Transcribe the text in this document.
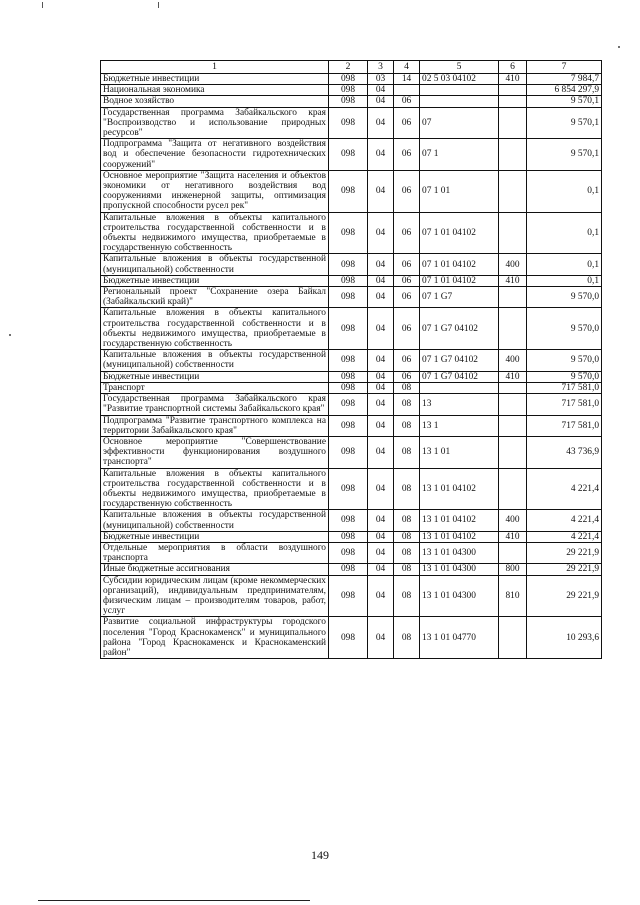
1	2	3	4	5	6	7
Бюджетные инвестиции	098	03	14	02 5 03 04102	410	7 984,7
Национальная экономика	098	04				6 854 297,9
Водное хозяйство	098	04	06			9 570,1
Государственная программа Забайкальского края "Воспроизводство и использование природных ресурсов"	098	04	06	07		9 570,1
Подпрограмма "Защита от негативного воздействия вод и обеспечение безопасности гидротехнических сооружений"	098	04	06	07 1		9 570,1
Основное мероприятие "Защита населения и объектов экономики от негативного воздействия вод сооружениями инженерной защиты, оптимизация пропускной способности русел рек"	098	04	06	07 1 01		0,1
Капитальные вложения в объекты капитального строительства государственной собственности и в объекты недвижимого имущества, приобретаемые в государственную собственность	098	04	06	07 1 01 04102		0,1
Капитальные вложения в объекты государственной (муниципальной) собственности	098	04	06	07 1 01 04102	400	0,1
Бюджетные инвестиции	098	04	06	07 1 01 04102	410	0,1
Региональный проект "Сохранение озера Байкал (Забайкальский край)"	098	04	06	07 1 G7		9 570,0
Капитальные вложения в объекты капитального строительства государственной собственности и в объекты недвижимого имущества, приобретаемые в государственную собственность	098	04	06	07 1 G7 04102		9 570,0
Капитальные вложения в объекты государственной (муниципальной) собственности	098	04	06	07 1 G7 04102	400	9 570,0
Бюджетные инвестиции	098	04	06	07 1 G7 04102	410	9 570,0
Транспорт	098	04	08			717 581,0
Государственная программа Забайкальского края "Развитие транспортной системы Забайкальского края"	098	04	08	13		717 581,0
Подпрограмма "Развитие транспортного комплекса на территории Забайкальского края"	098	04	08	13 1		717 581,0
Основное мероприятие "Совершенствование эффективности функционирования воздушного транспорта"	098	04	08	13 1 01		43 736,9
Капитальные вложения в объекты капитального строительства государственной собственности и в объекты недвижимого имущества, приобретаемые в государственную собственность	098	04	08	13 1 01 04102		4 221,4
Капитальные вложения в объекты государственной (муниципальной) собственности	098	04	08	13 1 01 04102	400	4 221,4
Бюджетные инвестиции	098	04	08	13 1 01 04102	410	4 221,4
Отдельные мероприятия в области воздушного транспорта	098	04	08	13 1 01 04300		29 221,9
Иные бюджетные ассигнования	098	04	08	13 1 01 04300	800	29 221,9
Субсидии юридическим лицам (кроме некоммерческих организаций), индивидуальным предпринимателям, физическим лицам – производителям товаров, работ, услуг	098	04	08	13 1 01 04300	810	29 221,9
Развитие социальной инфраструктуры городского поселения "Город Краснокаменск" и муниципального района "Город Краснокаменск и Краснокаменский район"	098	04	08	13 1 01 04770		10 293,6
149
